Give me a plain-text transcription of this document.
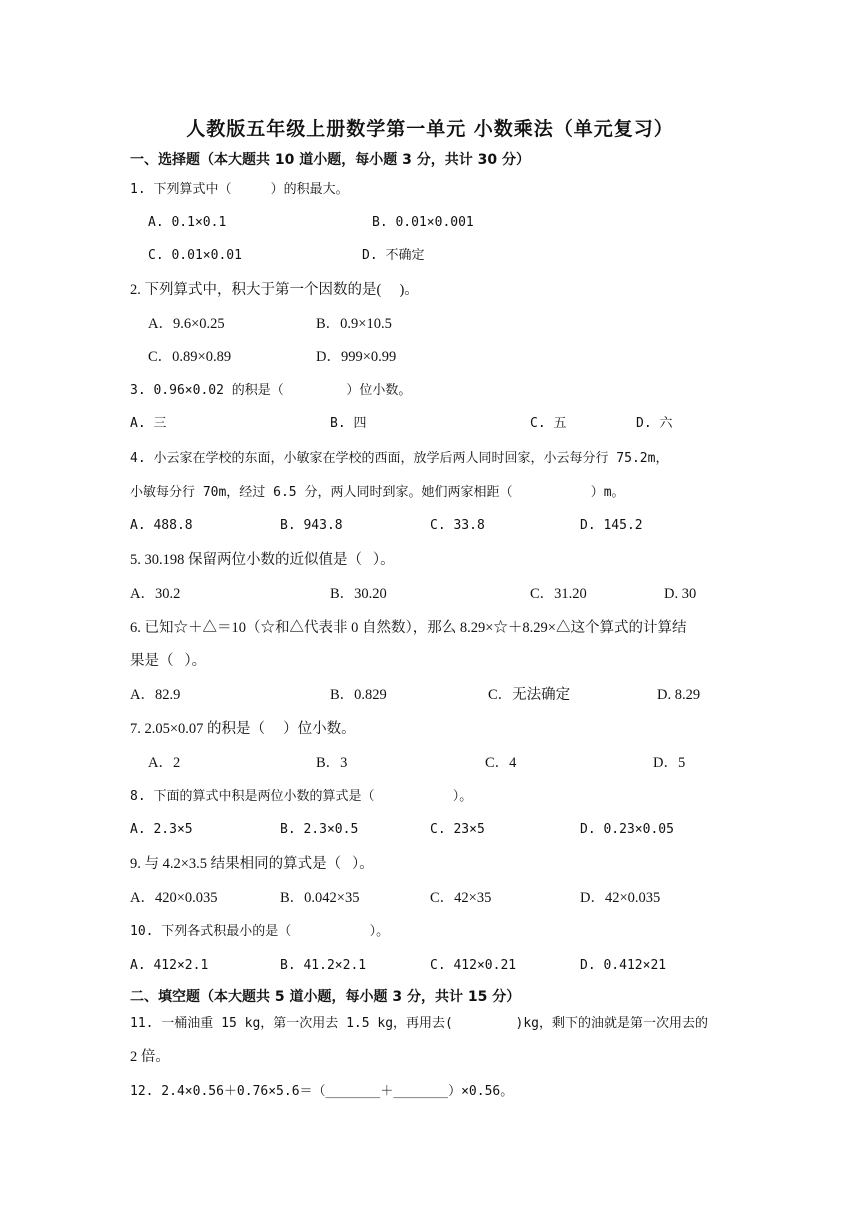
人教版五年级上册数学第一单元 小数乘法（单元复习）
一、选择题（本大题共 10 道小题，每小题 3 分，共计 30 分）
1. 下列算式中（     ）的积最大。
A. 0.1×0.1	B. 0.01×0.001
C. 0.01×0.01	D. 不确定
2. 下列算式中，积大于第一个因数的是(     )。
A．9.6×0.25	B．0.9×10.5
C．0.89×0.89	D．999×0.99
3. 0.96×0.02 的积是（        ）位小数。
A. 三	B. 四	C. 五	D. 六
4. 小云家在学校的东面，小敏家在学校的西面，放学后两人同时回家，小云每分行 75.2m，
小敏每分行 70m，经过 6.5 分，两人同时到家。她们两家相距（          ）m。
A. 488.8	B. 943.8	C. 33.8	D. 145.2
5. 30.198 保留两位小数的近似值是（   ）。
A．30.2	B．30.20	C．31.20	D. 30
6. 已知☆＋△＝10（☆和△代表非 0 自然数），那么 8.29×☆＋8.29×△这个算式的计算结
果是（   ）。
A．82.9	B．0.829	C．无法确定	D. 8.29
7. 2.05×0.07 的积是（     ）位小数。
A．2	B．3	C．4	D．5
8. 下面的算式中积是两位小数的算式是（          ）。
A. 2.3×5	B. 2.3×0.5	C. 23×5	D. 0.23×0.05
9. 与 4.2×3.5 结果相同的算式是（   ）。
A．420×0.035	B．0.042×35	C．42×35	D．42×0.035
10. 下列各式积最小的是（          ）。
A. 412×2.1	B. 41.2×2.1	C. 412×0.21	D. 0.412×21
二、填空题（本大题共 5 道小题，每小题 3 分，共计 15 分）
11. 一桶油重 15 kg，第一次用去 1.5 kg，再用去(        )kg，剩下的油就是第一次用去的
2 倍。
12. 2.4×0.56＋0.76×5.6＝（_______＋_______）×0.56。
